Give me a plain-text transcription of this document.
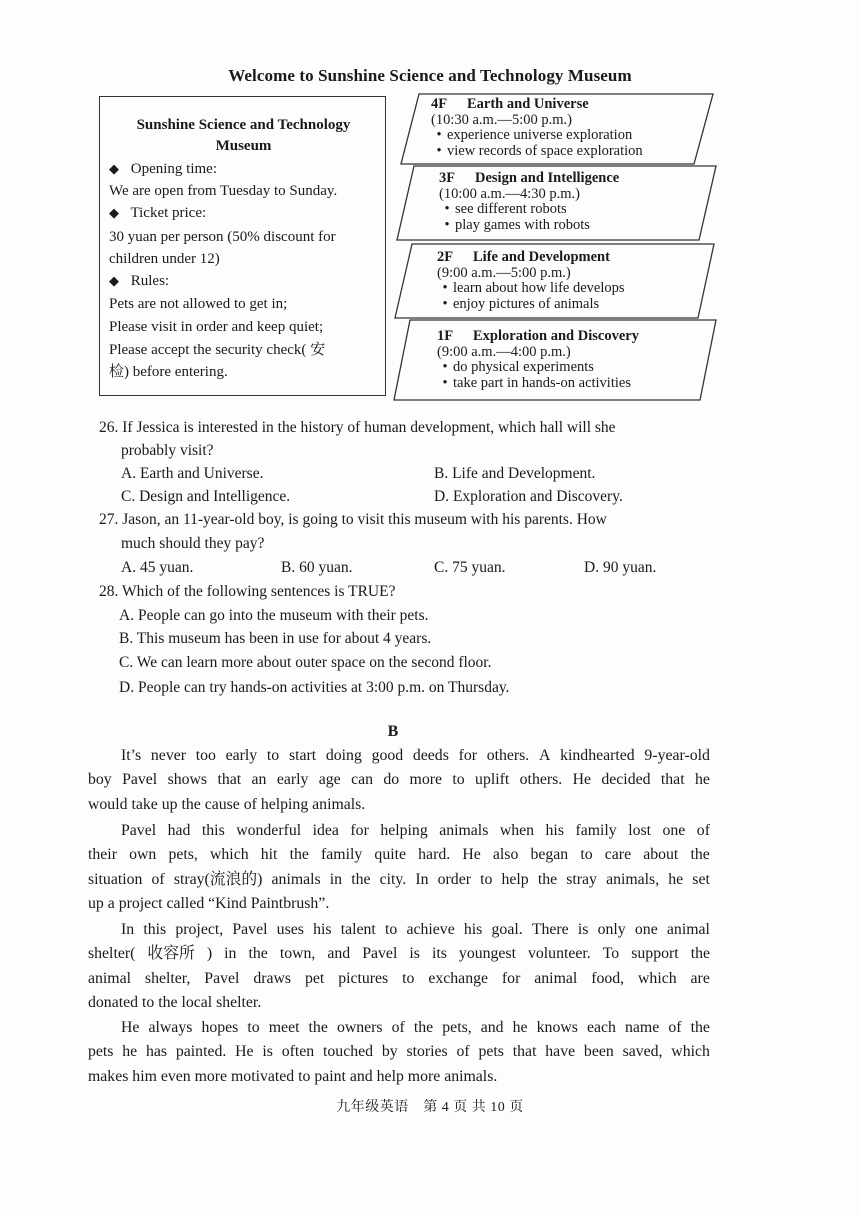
Welcome to Sunshine Science and Technology Museum
Sunshine Science and Technology
Museum
◆ Opening time:
We are open from Tuesday to Sunday.
◆ Ticket price:
30 yuan per person (50% discount for
children under 12)
◆ Rules:
Pets are not allowed to get in;
Please visit in order and keep quiet;
Please accept the security check( 安
检) before entering.
4F Earth and Universe
(10:30 a.m.—5:00 p.m.)
• experience universe exploration
• view records of space exploration
3F Design and Intelligence
(10:00 a.m.—4:30 p.m.)
• see different robots
• play games with robots
2F Life and Development
(9:00 a.m.—5:00 p.m.)
• learn about how life develops
• enjoy pictures of animals
1F Exploration and Discovery
(9:00 a.m.—4:00 p.m.)
• do physical experiments
• take part in hands-on activities
26. If Jessica is interested in the history of human development, which hall will she
probably visit?
A. Earth and Universe.	B. Life and Development.
C. Design and Intelligence.	D. Exploration and Discovery.
27. Jason, an 11-year-old boy, is going to visit this museum with his parents. How
much should they pay?
A. 45 yuan.	B. 60 yuan.	C. 75 yuan.	D. 90 yuan.
28. Which of the following sentences is TRUE?
A. People can go into the museum with their pets.
B. This museum has been in use for about 4 years.
C. We can learn more about outer space on the second floor.
D. People can try hands-on activities at 3:00 p.m. on Thursday.
B
It’s never too early to start doing good deeds for others. A kindhearted 9-year-old
boy Pavel shows that an early age can do more to uplift others. He decided that he
would take up the cause of helping animals.
Pavel had this wonderful idea for helping animals when his family lost one of
their own pets, which hit the family quite hard. He also began to care about the
situation of stray(流浪的) animals in the city. In order to help the stray animals, he set
up a project called “Kind Paintbrush”.
In this project, Pavel uses his talent to achieve his goal. There is only one animal
shelter( 收容所 ) in the town, and Pavel is its youngest volunteer. To support the
animal shelter, Pavel draws pet pictures to exchange for animal food, which are
donated to the local shelter.
He always hopes to meet the owners of the pets, and he knows each name of the
pets he has painted. He is often touched by stories of pets that have been saved, which
makes him even more motivated to paint and help more animals.
九年级英语　第 4 页 共 10 页
